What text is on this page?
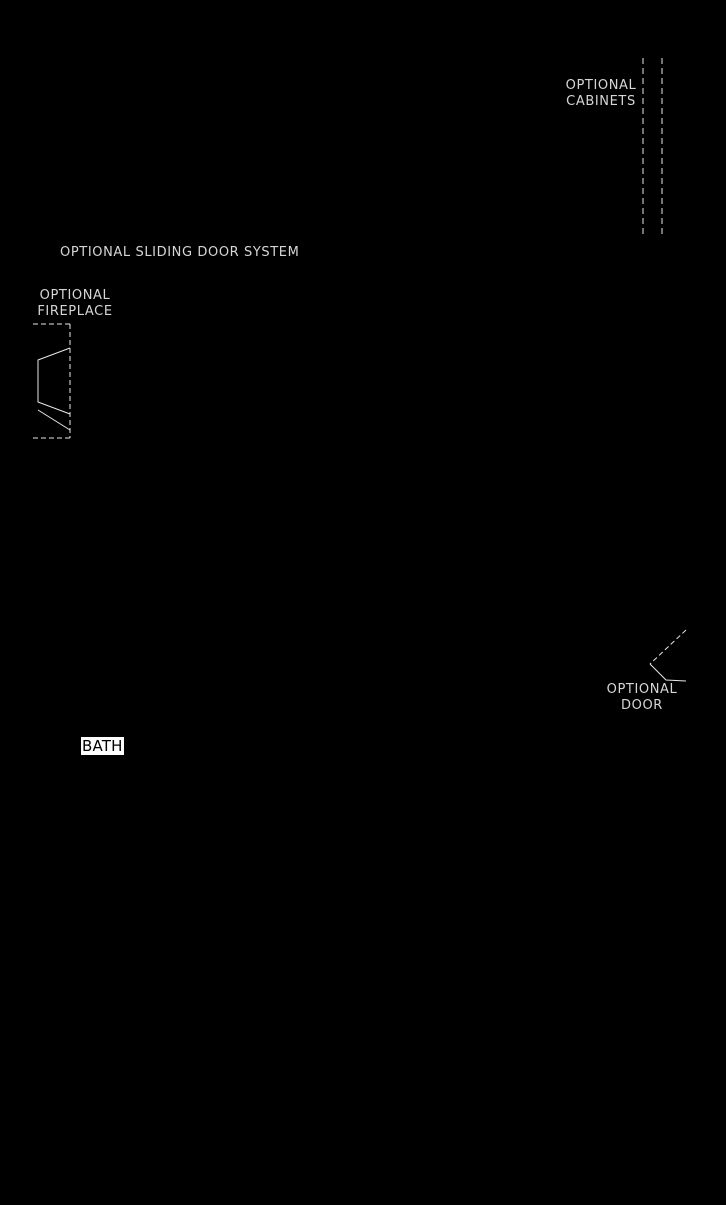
OPTIONAL
CABINETS
OPTIONAL SLIDING DOOR SYSTEM
OPTIONAL
FIREPLACE
OPTIONAL
DOOR
BATH
